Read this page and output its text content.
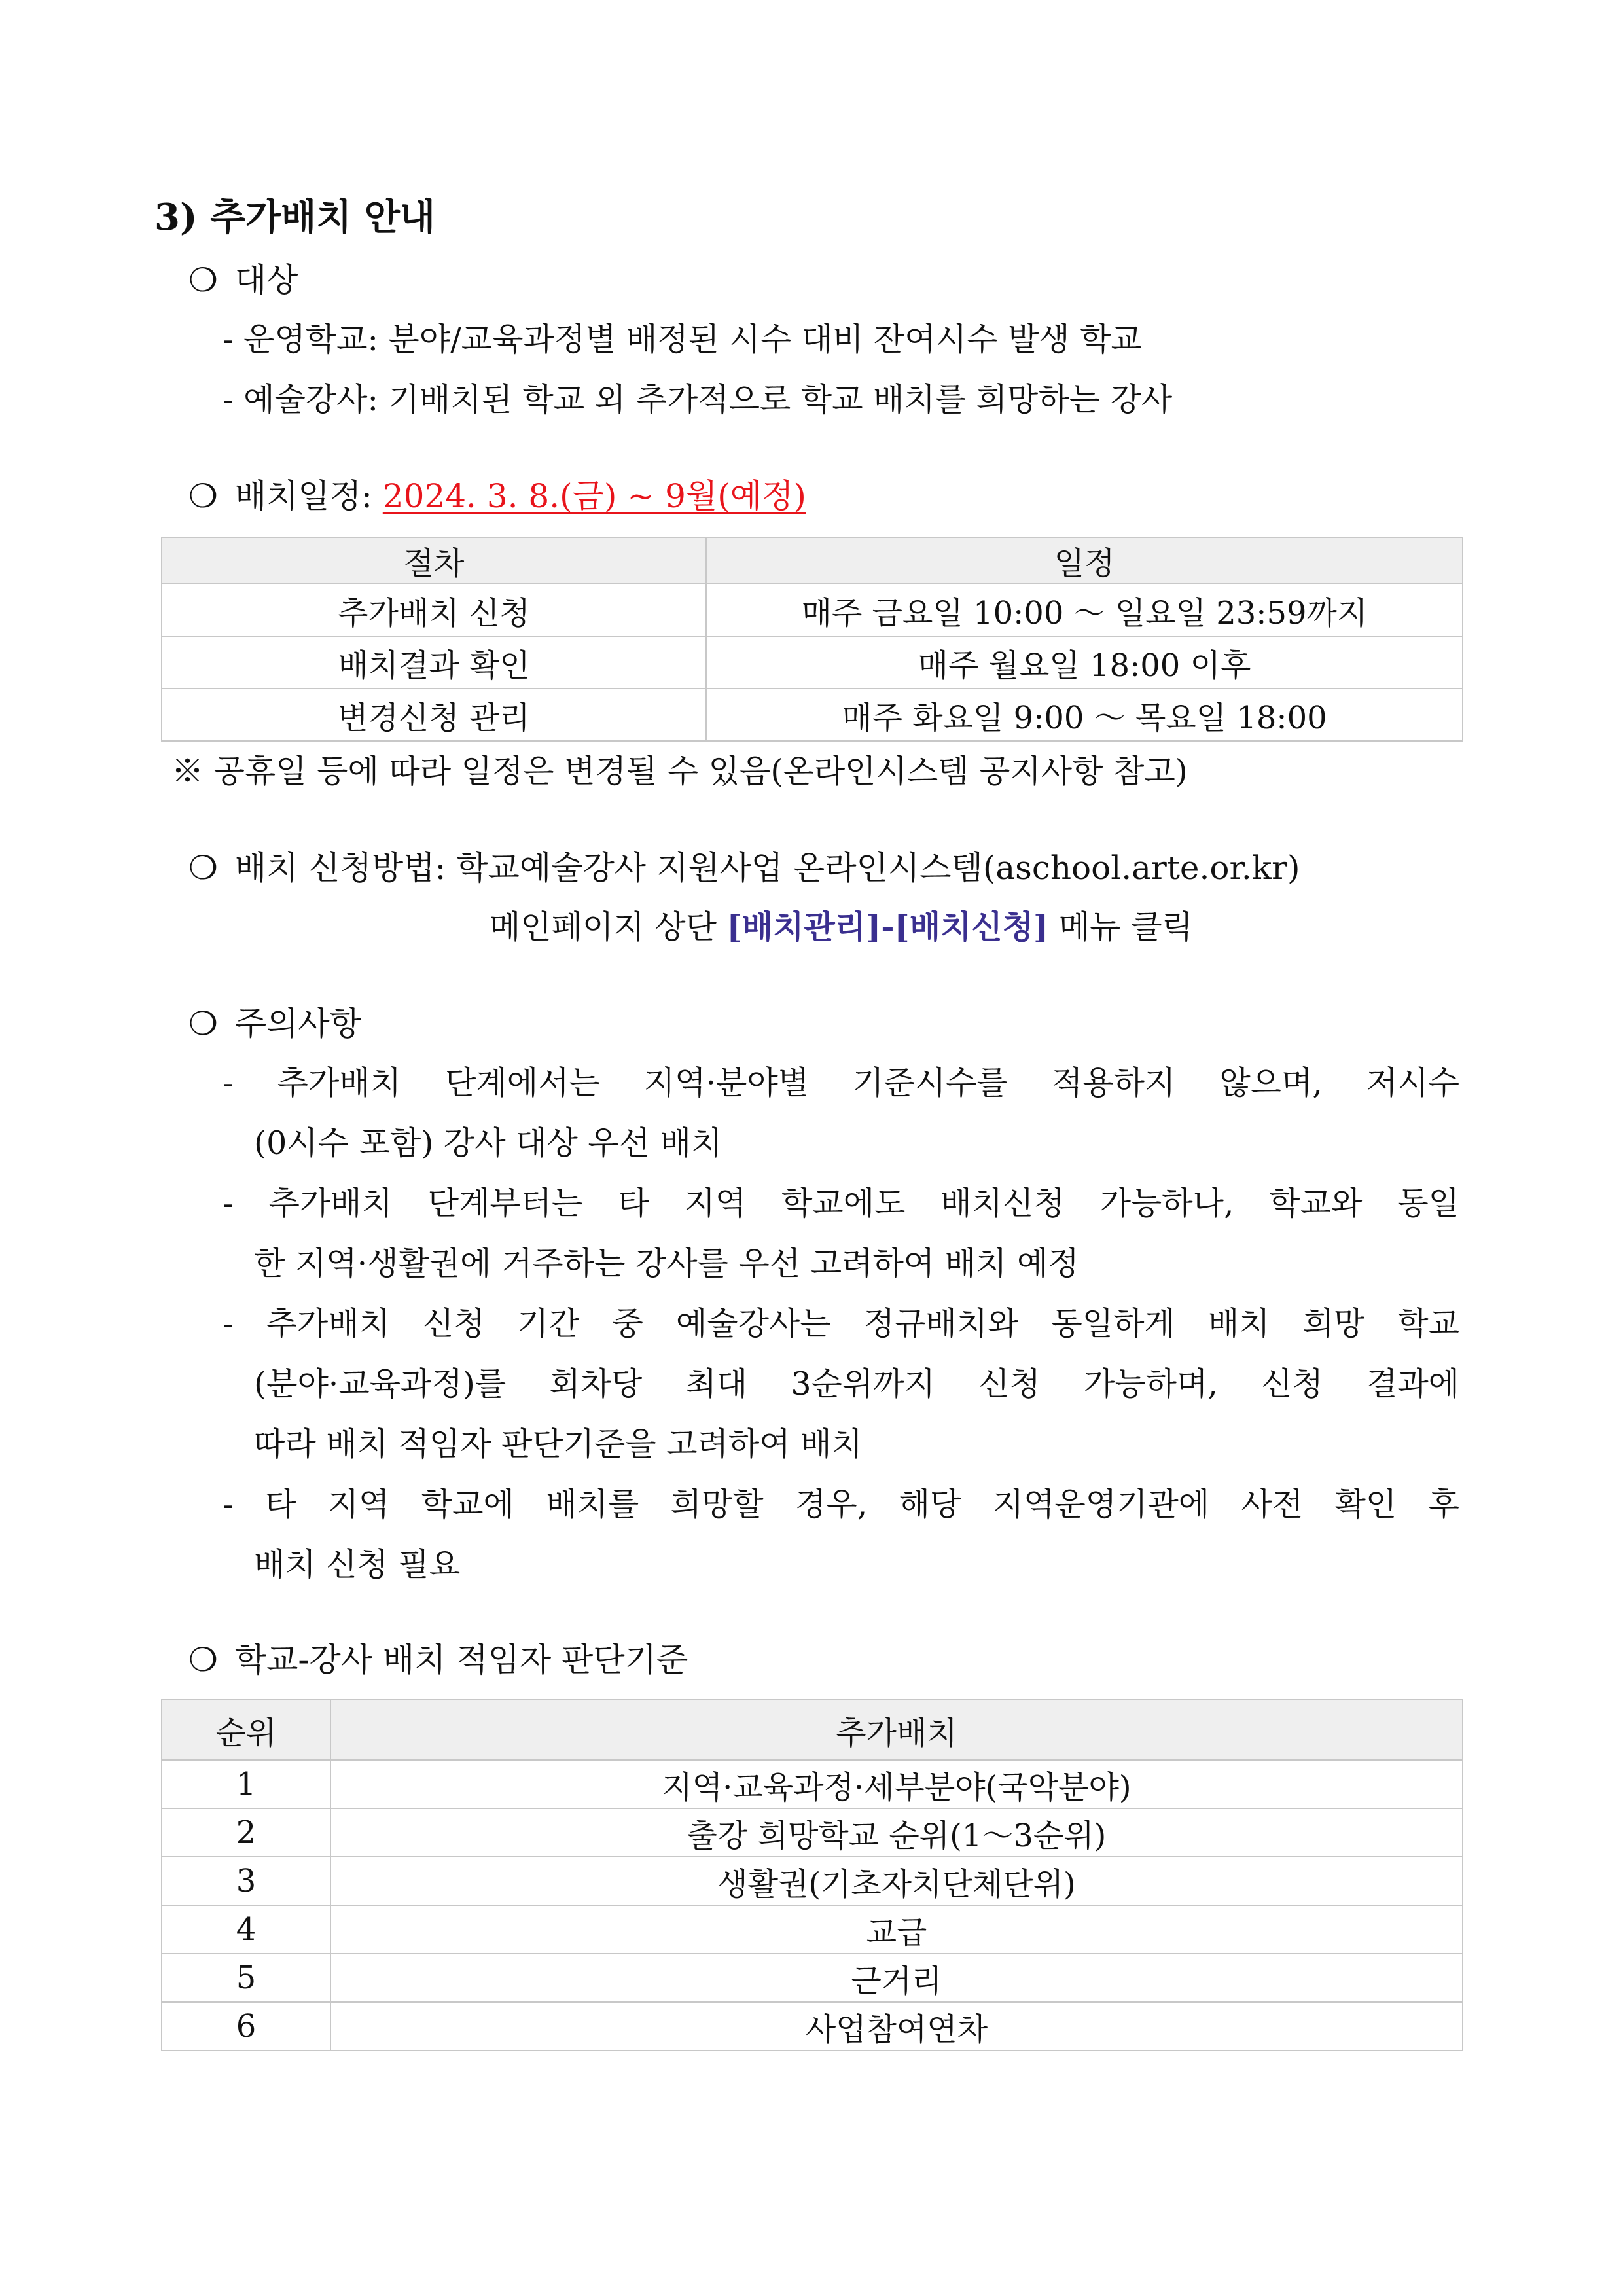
3) 추가배치 안내
❍ 대상
- 운영학교: 분야/교육과정별 배정된 시수 대비 잔여시수 발생 학교
- 예술강사: 기배치된 학교 외 추가적으로 학교 배치를 희망하는 강사
❍ 배치일정: 2024. 3. 8.(금) ~ 9월(예정)
절차	일정
추가배치 신청	매주 금요일 10:00 ～ 일요일 23:59까지
배치결과 확인	매주 월요일 18:00 이후
변경신청 관리	매주 화요일 9:00 ～ 목요일 18:00
※ 공휴일 등에 따라 일정은 변경될 수 있음(온라인시스템 공지사항 참고)
❍ 배치 신청방법: 학교예술강사 지원사업 온라인시스템(aschool.arte.or.kr)
메인페이지 상단 [배치관리]-[배치신청] 메뉴 클릭
❍ 주의사항
- 추가배치 단계에서는 지역·분야별 기준시수를 적용하지 않으며, 저시수
(0시수 포함) 강사 대상 우선 배치
- 추가배치 단계부터는 타 지역 학교에도 배치신청 가능하나, 학교와 동일
한 지역·생활권에 거주하는 강사를 우선 고려하여 배치 예정
- 추가배치 신청 기간 중 예술강사는 정규배치와 동일하게 배치 희망 학교
(분야·교육과정)를 회차당 최대 3순위까지 신청 가능하며, 신청 결과에
따라 배치 적임자 판단기준을 고려하여 배치
- 타 지역 학교에 배치를 희망할 경우, 해당 지역운영기관에 사전 확인 후
배치 신청 필요
❍ 학교-강사 배치 적임자 판단기준
순위	추가배치
1	지역·교육과정·세부분야(국악분야)
2	출강 희망학교 순위(1～3순위)
3	생활권(기초자치단체단위)
4	교급
5	근거리
6	사업참여연차
